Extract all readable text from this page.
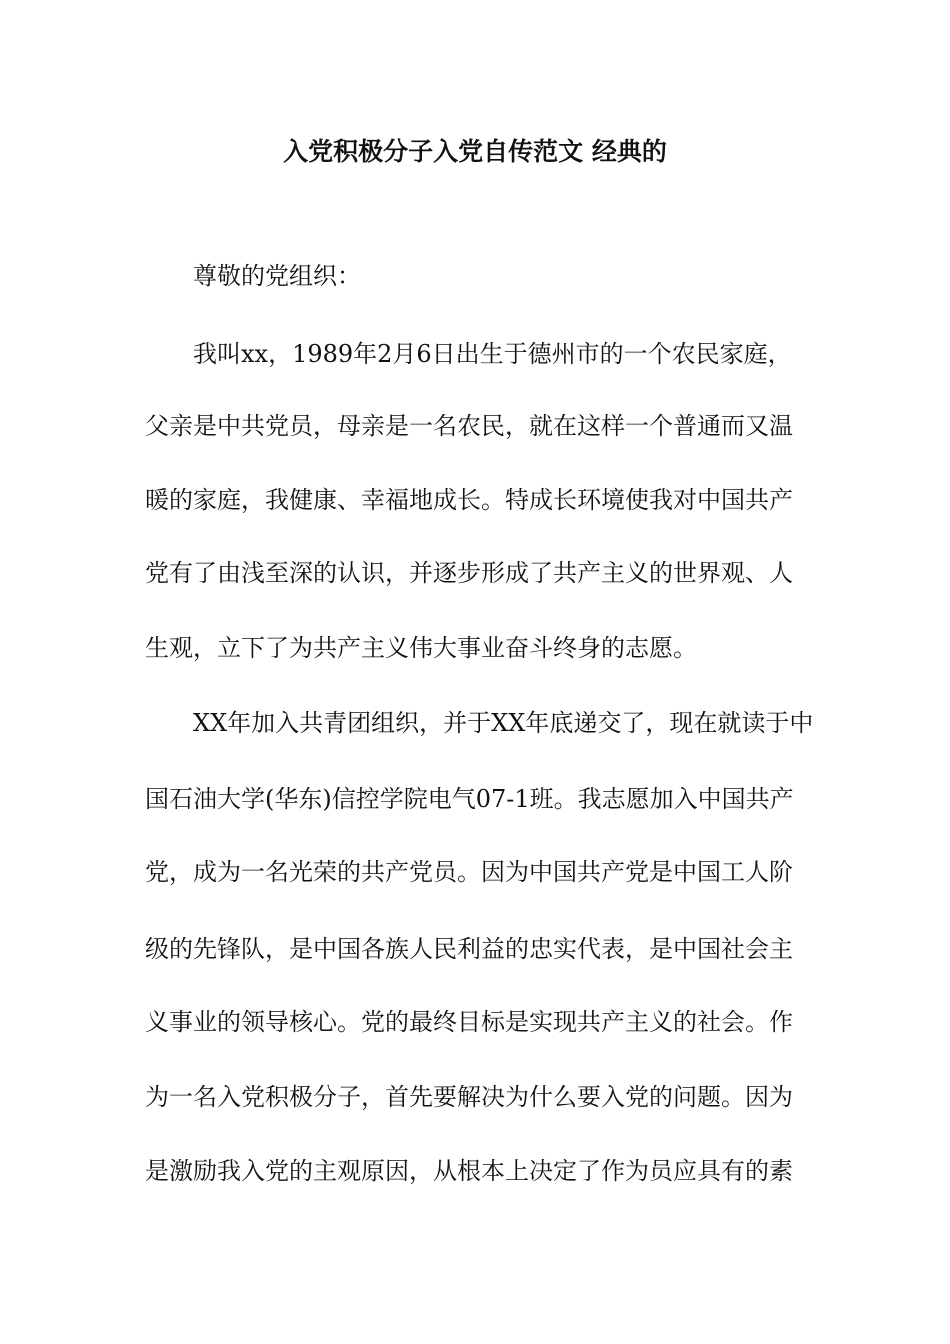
入党积极分子入党自传范文 经典的
尊敬的党组织：
我叫xx，1989年2月6日出生于德州市的一个农民家庭，
父亲是中共党员，母亲是一名农民，就在这样一个普通而又温
暖的家庭，我健康、幸福地成长。特成长环境使我对中国共产
党有了由浅至深的认识，并逐步形成了共产主义的世界观、人
生观，立下了为共产主义伟大事业奋斗终身的志愿。
XX年加入共青团组织，并于XX年底递交了，现在就读于中
国石油大学(华东)信控学院电气07-1班。我志愿加入中国共产
党，成为一名光荣的共产党员。因为中国共产党是中国工人阶
级的先锋队，是中国各族人民利益的忠实代表，是中国社会主
义事业的领导核心。党的最终目标是实现共产主义的社会。作
为一名入党积极分子，首先要解决为什么要入党的问题。因为
是激励我入党的主观原因，从根本上决定了作为员应具有的素
